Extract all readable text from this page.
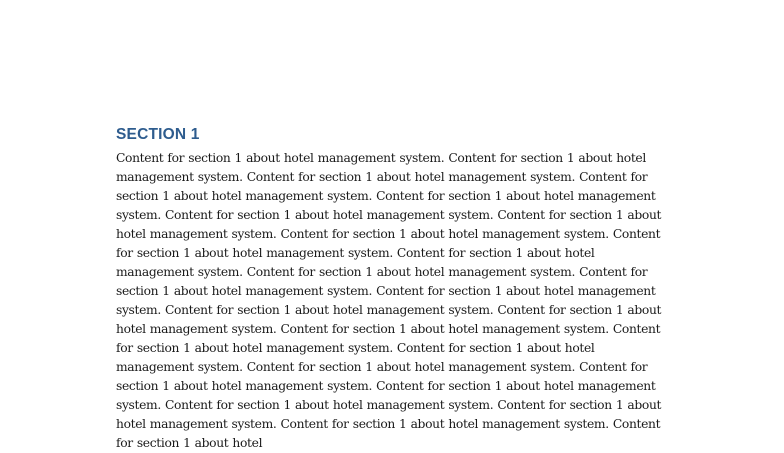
SECTION 1

Content for section 1 about hotel management system. Content for section 1 about hotel management system. Content for section 1 about hotel management system. Content for section 1 about hotel management system. Content for section 1 about hotel management system. Content for section 1 about hotel management system. Content for section 1 about hotel management system. Content for section 1 about hotel management system. Content for section 1 about hotel management system. Content for section 1 about hotel management system. Content for section 1 about hotel management system. Content for section 1 about hotel management system. Content for section 1 about hotel management system. Content for section 1 about hotel management system. Content for section 1 about hotel management system. Content for section 1 about hotel management system. Content for section 1 about hotel management system. Content for section 1 about hotel management system. Content for section 1 about hotel management system. Content for section 1 about hotel management system. Content for section 1 about hotel management system. Content for section 1 about hotel management system. Content for section 1 about hotel management system. Content for section 1 about hotel management system. Content for section 1 about hotel
